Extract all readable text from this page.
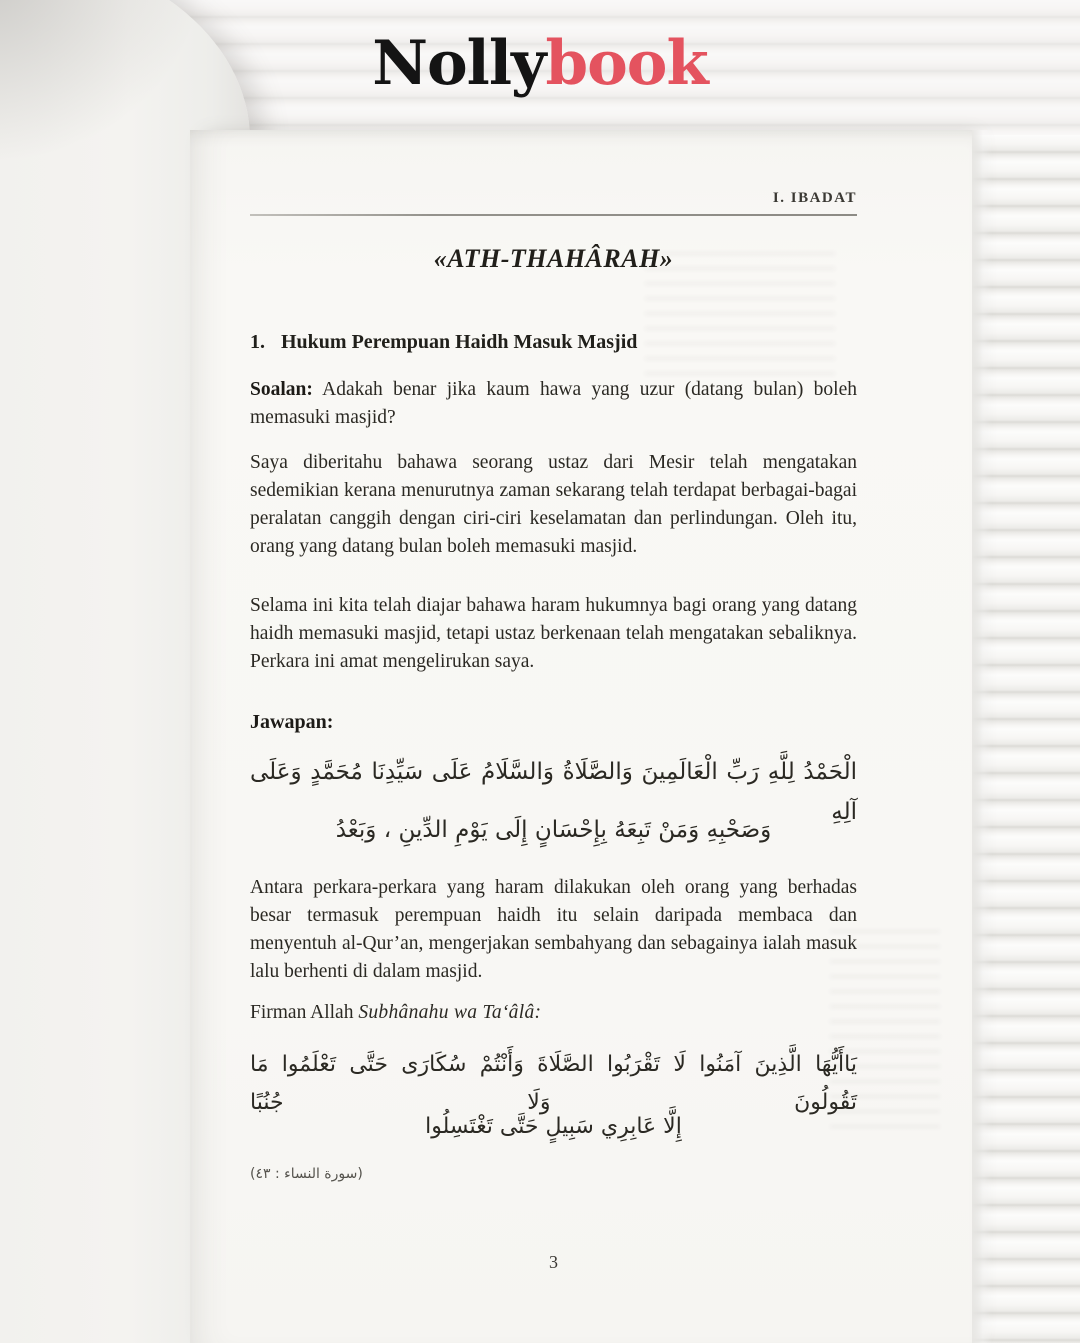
I. IBADAT
«ATH-THAHÂRAH»
1. Hukum Perempuan Haidh Masuk Masjid
Soalan: Adakah benar jika kaum hawa yang uzur (datang bulan) boleh memasuki masjid?
Saya diberitahu bahawa seorang ustaz dari Mesir telah mengatakan sedemikian kerana menurutnya zaman sekarang telah terdapat berbagai-bagai peralatan canggih dengan ciri-ciri keselamatan dan perlindungan. Oleh itu, orang yang datang bulan boleh memasuki masjid.
Selama ini kita telah diajar bahawa haram hukumnya bagi orang yang datang haidh memasuki masjid, tetapi ustaz berkenaan telah mengatakan sebaliknya. Perkara ini amat mengelirukan saya.
Jawapan:
الْحَمْدُ لِلَّهِ رَبِّ الْعَالَمِينَ وَالصَّلَاةُ وَالسَّلَامُ عَلَى سَيِّدِنَا مُحَمَّدٍ وَعَلَى آلِهِ
وَصَحْبِهِ وَمَنْ تَبِعَهُ بِإِحْسَانٍ إِلَى يَوْمِ الدِّينِ ، وَبَعْدُ
Antara perkara-perkara yang haram dilakukan oleh orang yang berhadas besar termasuk perempuan haidh itu selain daripada membaca dan menyentuh al-Qur’an, mengerjakan sembahyang dan sebagainya ialah masuk lalu berhenti di dalam masjid.
Firman Allah Subhânahu wa Ta‘âlâ:
يَاأَيُّهَا الَّذِينَ آمَنُوا لَا تَقْرَبُوا الصَّلَاةَ وَأَنْتُمْ سُكَارَى حَتَّى تَعْلَمُوا مَا تَقُولُونَ وَلَا جُنُبًا
إِلَّا عَابِرِي سَبِيلٍ حَتَّى تَغْتَسِلُوا
(سورة النساء : ٤٣)
3
Nollybook
